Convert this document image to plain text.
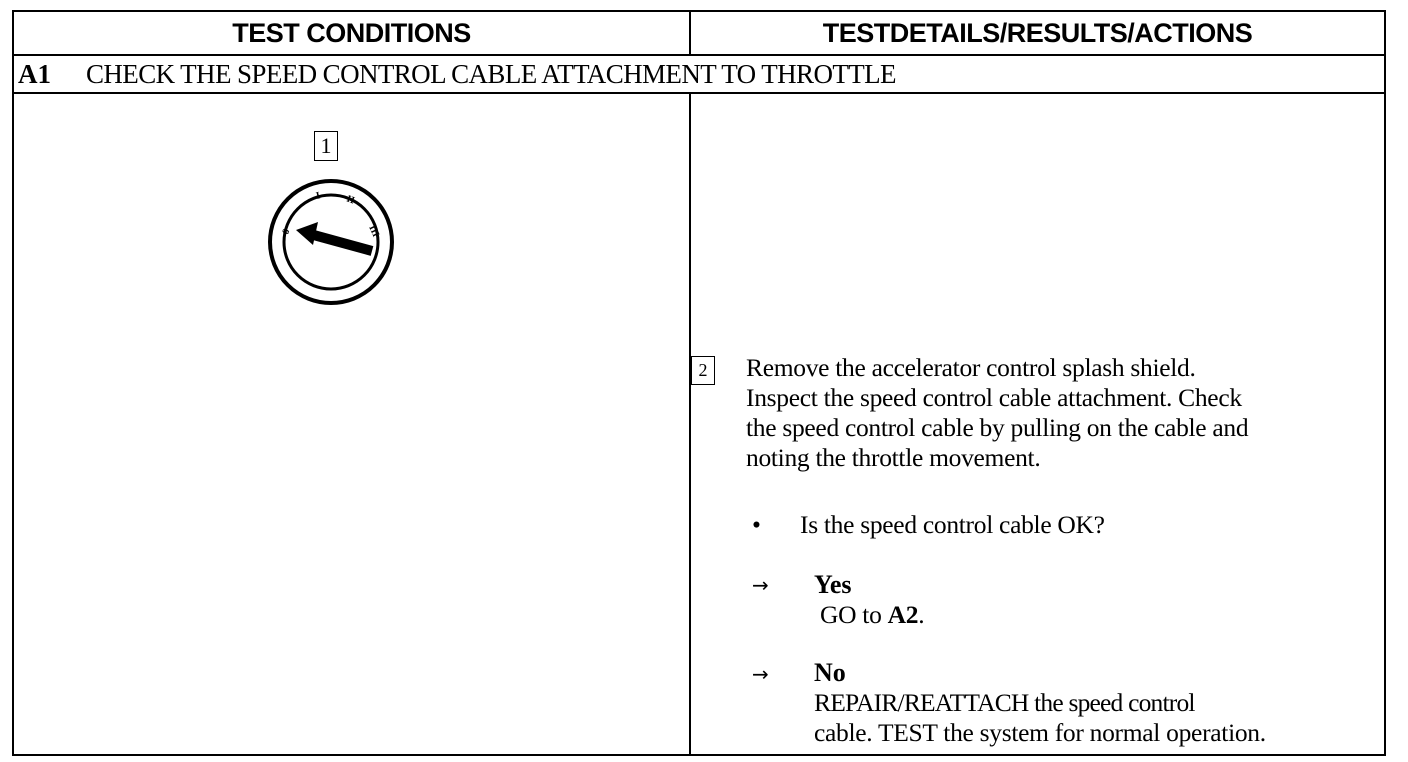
TEST CONDITIONS	TESTDETAILS/RESULTS/ACTIONS
A1	CHECK THE SPEED CONTROL CABLE ATTACHMENT TO THROTTLE
1
0
I II
III
2 Remove the accelerator control splash shield.
Inspect the speed control cable attachment. Check
the speed control cable by pulling on the cable and
noting the throttle movement.
• Is the speed control cable OK?
→ Yes
GO to A2.
→ No
REPAIR/REATTACH the speed control
cable. TEST the system for normal operation.
